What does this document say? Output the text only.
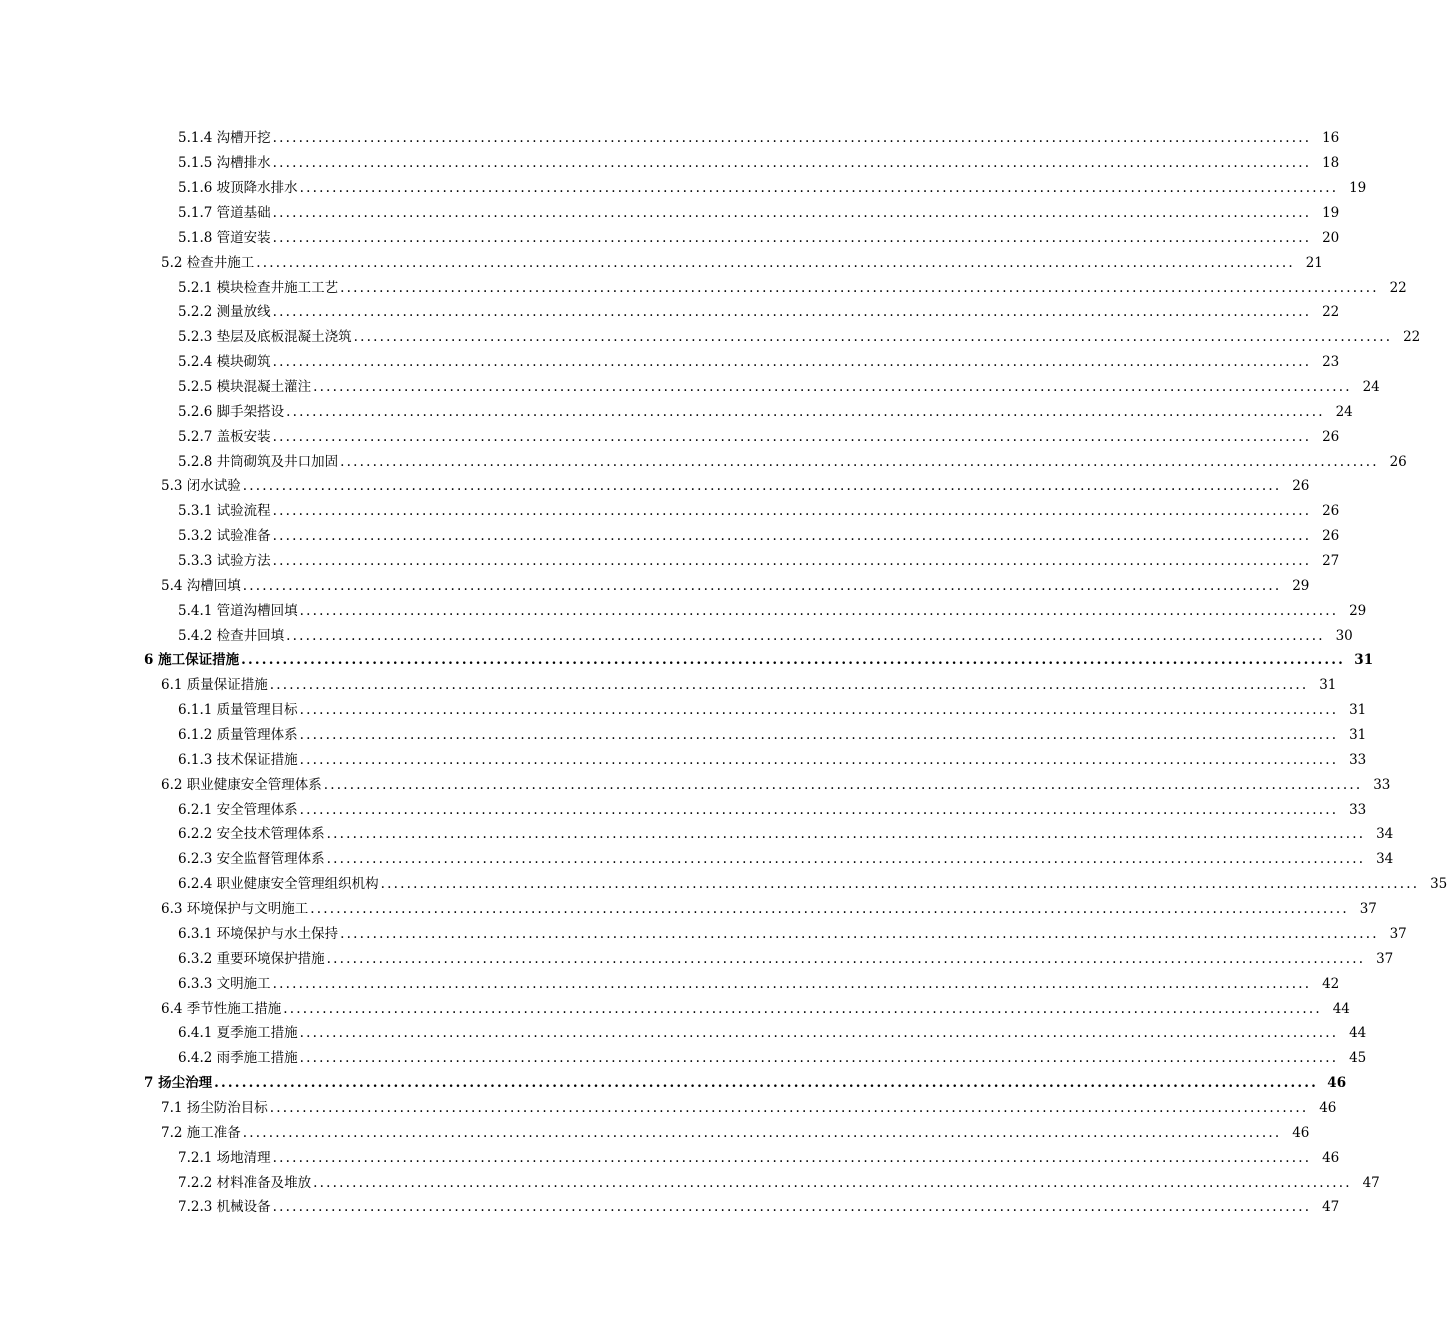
5.1.4 沟槽开挖 ................................................................................................................................................................ 16
5.1.5 沟槽排水 ................................................................................................................................................................ 18
5.1.6 坡顶降水排水 ................................................................................................................................................................ 19
5.1.7 管道基础 ................................................................................................................................................................ 19
5.1.8 管道安装 ................................................................................................................................................................ 20
5.2 检查井施工 ................................................................................................................................................................ 21
5.2.1 模块检查井施工工艺 ................................................................................................................................................................ 22
5.2.2 测量放线 ................................................................................................................................................................ 22
5.2.3 垫层及底板混凝土浇筑 ................................................................................................................................................................ 22
5.2.4 模块砌筑 ................................................................................................................................................................ 23
5.2.5 模块混凝土灌注 ................................................................................................................................................................ 24
5.2.6 脚手架搭设 ................................................................................................................................................................ 24
5.2.7 盖板安装 ................................................................................................................................................................ 26
5.2.8 井筒砌筑及井口加固 ................................................................................................................................................................ 26
5.3 闭水试验 ................................................................................................................................................................ 26
5.3.1 试验流程 ................................................................................................................................................................ 26
5.3.2 试验准备 ................................................................................................................................................................ 26
5.3.3 试验方法 ................................................................................................................................................................ 27
5.4 沟槽回填 ................................................................................................................................................................ 29
5.4.1 管道沟槽回填 ................................................................................................................................................................ 29
5.4.2 检查井回填 ................................................................................................................................................................ 30
6 施工保证措施 ................................................................................................................................................................ 31
6.1 质量保证措施 ................................................................................................................................................................ 31
6.1.1 质量管理目标 ................................................................................................................................................................ 31
6.1.2 质量管理体系 ................................................................................................................................................................ 31
6.1.3 技术保证措施 ................................................................................................................................................................ 33
6.2 职业健康安全管理体系 ................................................................................................................................................................ 33
6.2.1 安全管理体系 ................................................................................................................................................................ 33
6.2.2 安全技术管理体系 ................................................................................................................................................................ 34
6.2.3 安全监督管理体系 ................................................................................................................................................................ 34
6.2.4 职业健康安全管理组织机构 ................................................................................................................................................................ 35
6.3 环境保护与文明施工 ................................................................................................................................................................ 37
6.3.1 环境保护与水土保持 ................................................................................................................................................................ 37
6.3.2 重要环境保护措施 ................................................................................................................................................................ 37
6.3.3 文明施工 ................................................................................................................................................................ 42
6.4 季节性施工措施 ................................................................................................................................................................ 44
6.4.1 夏季施工措施 ................................................................................................................................................................ 44
6.4.2 雨季施工措施 ................................................................................................................................................................ 45
7 扬尘治理 ................................................................................................................................................................ 46
7.1 扬尘防治目标 ................................................................................................................................................................ 46
7.2 施工准备 ................................................................................................................................................................ 46
7.2.1 场地清理 ................................................................................................................................................................ 46
7.2.2 材料准备及堆放 ................................................................................................................................................................ 47
7.2.3 机械设备 ................................................................................................................................................................ 47
